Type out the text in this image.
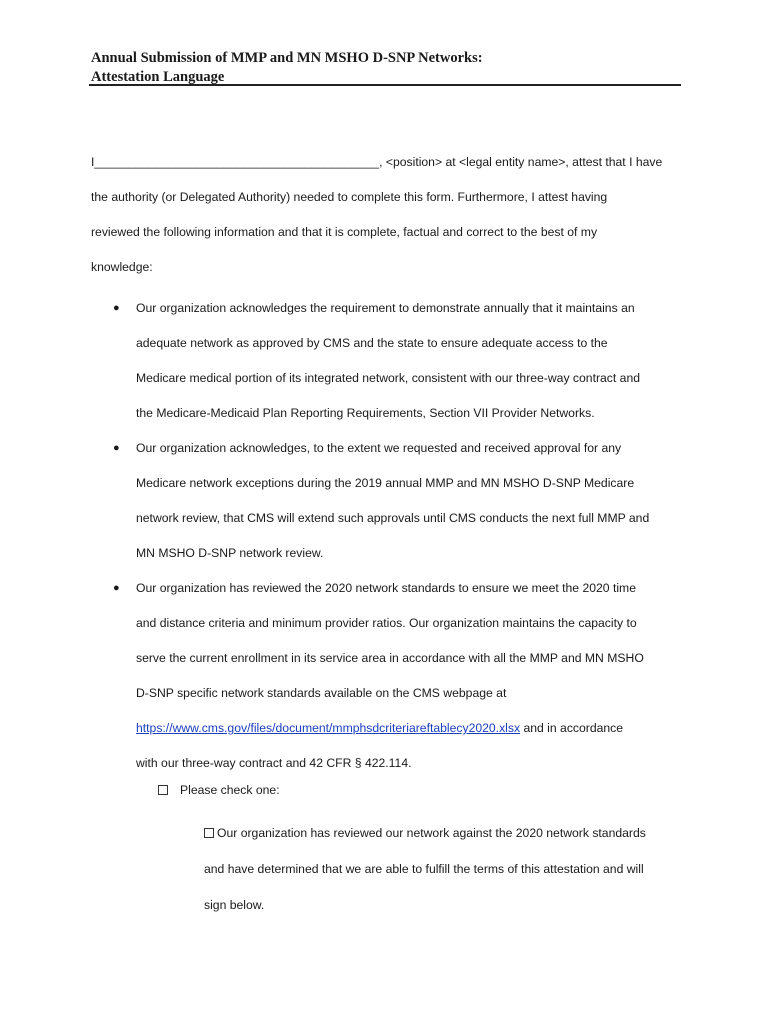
Annual Submission of MMP and MN MSHO D-SNP Networks:
Attestation Language

I__________________________________________, <position> at <legal entity name>, attest that I have

the authority (or Delegated Authority) needed to complete this form. Furthermore, I attest having

reviewed the following information and that it is complete, factual and correct to the best of my

knowledge:

● Our organization acknowledges the requirement to demonstrate annually that it maintains an
adequate network as approved by CMS and the state to ensure adequate access to the
Medicare medical portion of its integrated network, consistent with our three-way contract and
the Medicare-Medicaid Plan Reporting Requirements, Section VII Provider Networks.
● Our organization acknowledges, to the extent we requested and received approval for any
Medicare network exceptions during the 2019 annual MMP and MN MSHO D-SNP Medicare
network review, that CMS will extend such approvals until CMS conducts the next full MMP and
MN MSHO D-SNP network review.
● Our organization has reviewed the 2020 network standards to ensure we meet the 2020 time
and distance criteria and minimum provider ratios. Our organization maintains the capacity to
serve the current enrollment in its service area in accordance with all the MMP and MN MSHO
D-SNP specific network standards available on the CMS webpage at
https://www.cms.gov/files/document/mmphsdcriteriareftablecy2020.xlsx and in accordance
with our three-way contract and 42 CFR § 422.114.
Please check one:

Our organization has reviewed our network against the 2020 network standards

and have determined that we are able to fulfill the terms of this attestation and will

sign below.
